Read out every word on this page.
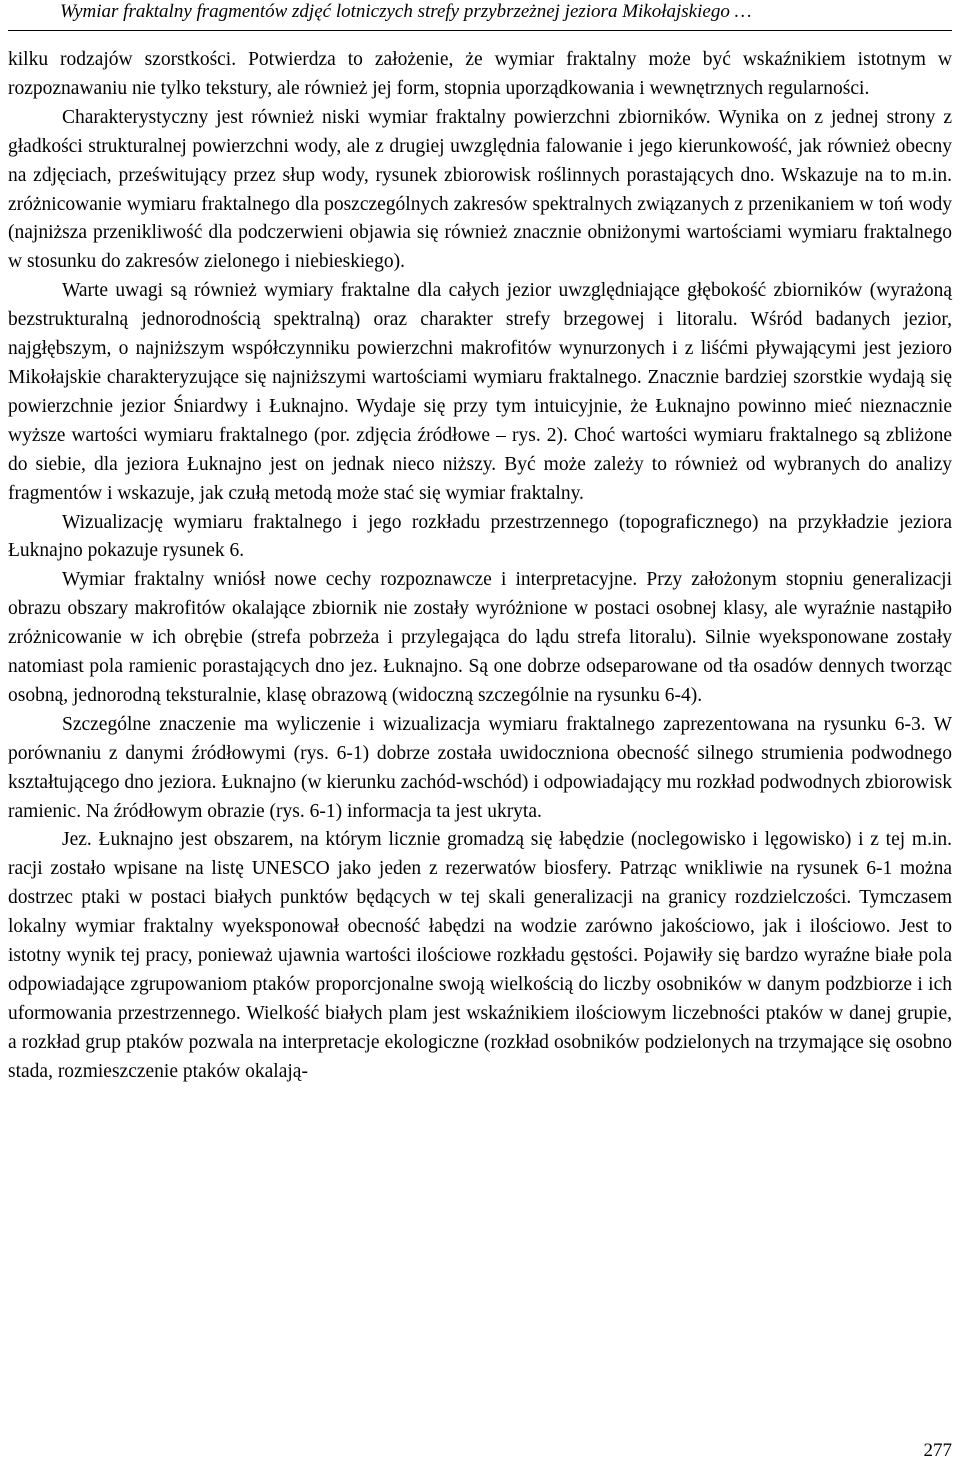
Wymiar fraktalny fragmentów zdjęć lotniczych strefy przybrzeżnej jeziora Mikołajskiego …

kilku rodzajów szorstkości. Potwierdza to założenie, że wymiar fraktalny może być wskaźnikiem istotnym w rozpoznawaniu nie tylko tekstury, ale również jej form, stopnia uporządkowania i wewnętrznych regularności.

Charakterystyczny jest również niski wymiar fraktalny powierzchni zbiorników. Wynika on z jednej strony z gładkości strukturalnej powierzchni wody, ale z drugiej uwzględnia falowanie i jego kierunkowość, jak również obecny na zdjęciach, prześwitujący przez słup wody, rysunek zbiorowisk roślinnych porastających dno. Wskazuje na to m.in. zróżnicowanie wymiaru fraktalnego dla poszczególnych zakresów spektralnych związanych z przenikaniem w toń wody (najniższa przenikliwość dla podczerwieni objawia się również znacznie obniżonymi wartościami wymiaru fraktalnego w stosunku do zakresów zielonego i niebieskiego).

Warte uwagi są również wymiary fraktalne dla całych jezior uwzględniające głębokość zbiorników (wyrażoną bezstrukturalną jednorodnością spektralną) oraz charakter strefy brzegowej i litoralu. Wśród badanych jezior, najgłębszym, o najniższym współczynniku powierzchni makrofitów wynurzonych i z liśćmi pływającymi jest jezioro Mikołajskie charakteryzujące się najniższymi wartościami wymiaru fraktalnego. Znacznie bardziej szorstkie wydają się powierzchnie jezior Śniardwy i Łuknajno. Wydaje się przy tym intuicyjnie, że Łuknajno powinno mieć nieznacznie wyższe wartości wymiaru fraktalnego (por. zdjęcia źródłowe – rys. 2). Choć wartości wymiaru fraktalnego są zbliżone do siebie, dla jeziora Łuknajno jest on jednak nieco niższy. Być może zależy to również od wybranych do analizy fragmentów i wskazuje, jak czułą metodą może stać się wymiar fraktalny.

Wizualizację wymiaru fraktalnego i jego rozkładu przestrzennego (topograficznego) na przykładzie jeziora Łuknajno pokazuje rysunek 6.

Wymiar fraktalny wniósł nowe cechy rozpoznawcze i interpretacyjne. Przy założonym stopniu generalizacji obrazu obszary makrofitów okalające zbiornik nie zostały wyróżnione w postaci osobnej klasy, ale wyraźnie nastąpiło zróżnicowanie w ich obrębie (strefa pobrzeża i przylegająca do lądu strefa litoralu). Silnie wyeksponowane zostały natomiast pola ramienic porastających dno jez. Łuknajno. Są one dobrze odseparowane od tła osadów dennych tworząc osobną, jednorodną teksturalnie, klasę obrazową (widoczną szczególnie na rysunku 6-4).

Szczególne znaczenie ma wyliczenie i wizualizacja wymiaru fraktalnego zaprezentowana na rysunku 6-3. W porównaniu z danymi źródłowymi (rys. 6-1) dobrze została uwidoczniona obecność silnego strumienia podwodnego kształtującego dno jeziora. Łuknajno (w kierunku zachód-wschód) i odpowiadający mu rozkład podwodnych zbiorowisk ramienic. Na źródłowym obrazie (rys. 6-1) informacja ta jest ukryta.

Jez. Łuknajno jest obszarem, na którym licznie gromadzą się łabędzie (noclegowisko i lęgowisko) i z tej m.in. racji zostało wpisane na listę UNESCO jako jeden z rezerwatów biosfery. Patrząc wnikliwie na rysunek 6-1 można dostrzec ptaki w postaci białych punktów będących w tej skali generalizacji na granicy rozdzielczości. Tymczasem lokalny wymiar fraktalny wyeksponował obecność łabędzi na wodzie zarówno jakościowo, jak i ilościowo. Jest to istotny wynik tej pracy, ponieważ ujawnia wartości ilościowe rozkładu gęstości. Pojawiły się bardzo wyraźne białe pola odpowiadające zgrupowaniom ptaków proporcjonalne swoją wielkością do liczby osobników w danym podzbiorze i ich uformowania przestrzennego. Wielkość białych plam jest wskaźnikiem ilościowym liczebności ptaków w danej grupie, a rozkład grup ptaków pozwala na interpretacje ekologiczne (rozkład osobników podzielonych na trzymające się osobno stada, rozmieszczenie ptaków okalają-

277
